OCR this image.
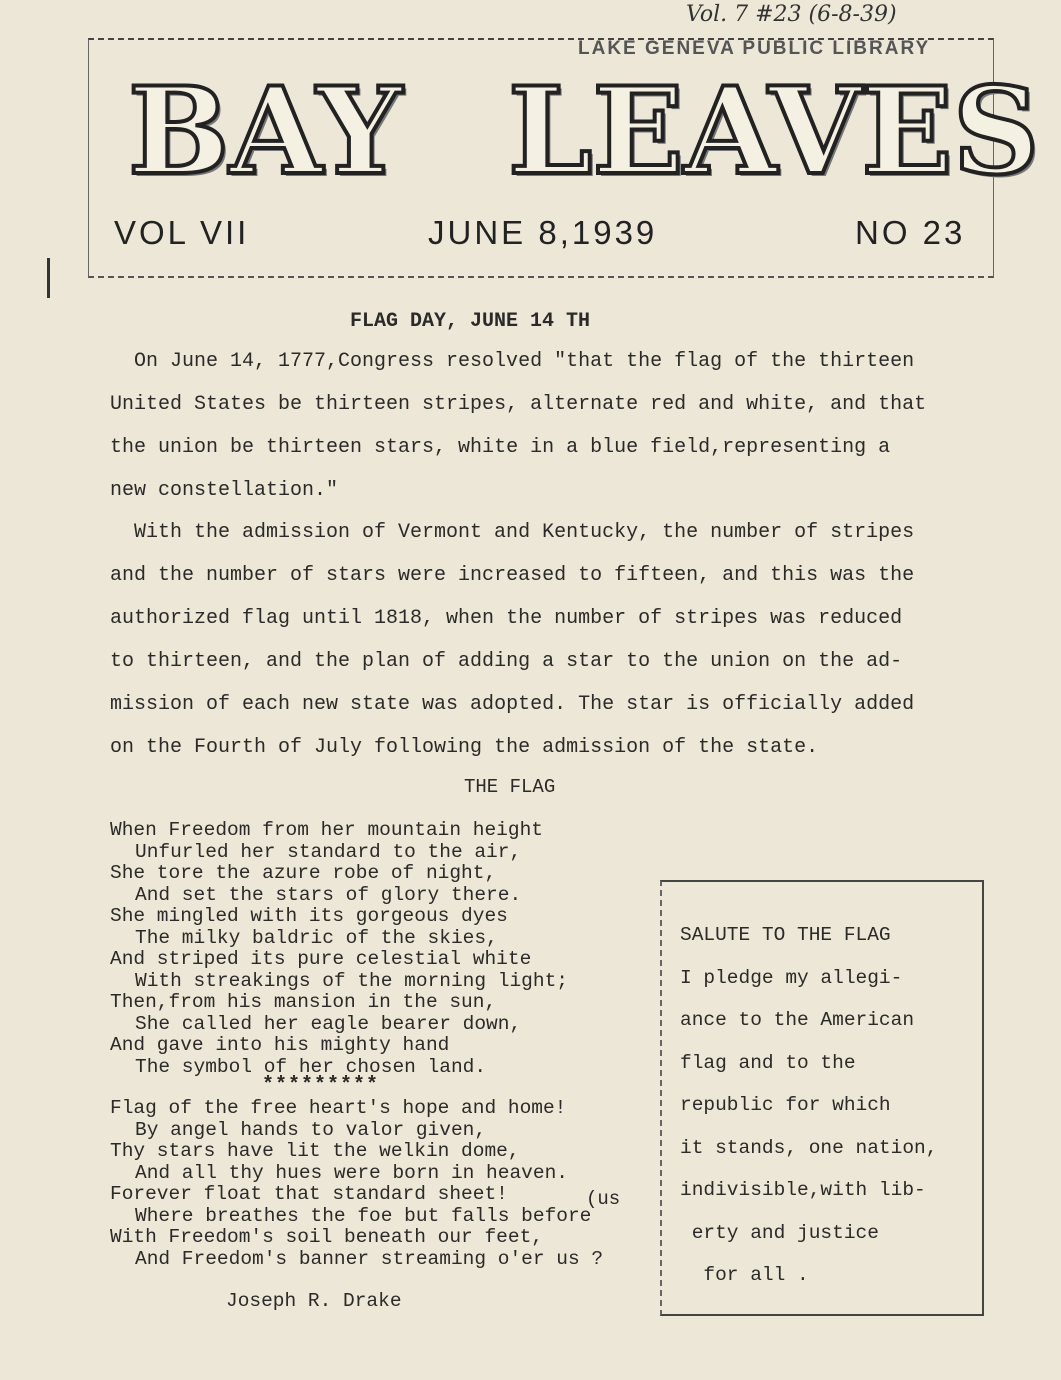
Vol. 7 #23 (6-8-39)
LAKE GENEVA PUBLIC LIBRARY
BAY LEAVES
VOL VII	JUNE 8,1939	NO 23
FLAG DAY, JUNE 14 TH
On June 14, 1777,Congress resolved "that the flag of the thirteen
United States be thirteen stripes, alternate red and white, and that
the union be thirteen stars, white in a blue field,representing a
new constellation."
With the admission of Vermont and Kentucky, the number of stripes
and the number of stars were increased to fifteen, and this was the
authorized flag until 1818, when the number of stripes was reduced
to thirteen, and the plan of adding a star to the union on the ad-
mission of each new state was adopted. The star is officially added
on the Fourth of July following the admission of the state.
THE FLAG
When Freedom from her mountain height
Unfurled her standard to the air,
She tore the azure robe of night,
And set the stars of glory there.
She mingled with its gorgeous dyes
The milky baldric of the skies,
And striped its pure celestial white
With streakings of the morning light;
Then,from his mansion in the sun,
She called her eagle bearer down,
And gave into his mighty hand
The symbol of her chosen land.
*********
Flag of the free heart's hope and home!
By angel hands to valor given,
Thy stars have lit the welkin dome,
And all thy hues were born in heaven.
Forever float that standard sheet!
Where breathes the foe but falls before
With Freedom's soil beneath our feet,
And Freedom's banner streaming o'er us ?
(us
Joseph R. Drake
SALUTE TO THE FLAG
I pledge my allegi-
ance to the American
flag and to the
republic for which
it stands, one nation,
indivisible,with lib-
erty and justice
for all .
